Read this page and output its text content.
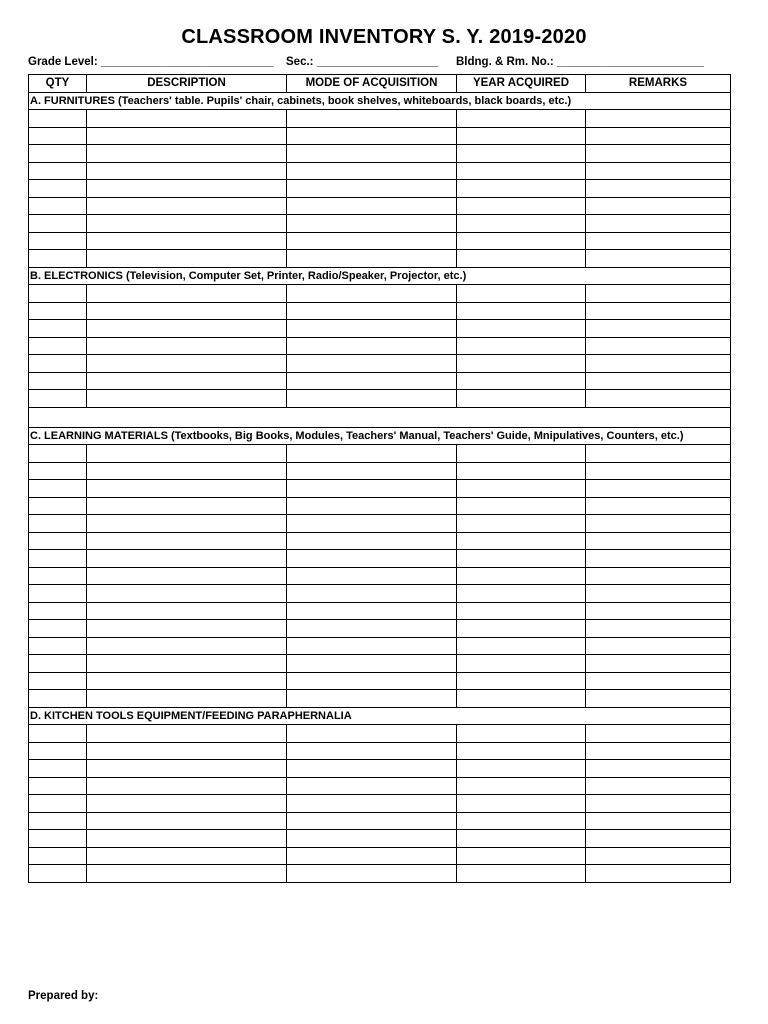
CLASSROOM INVENTORY S. Y. 2019-2020
Grade Level: ___________________________ Sec.: ___________________ Bldng. & Rm. No.: _______________________
QTY	DESCRIPTION	MODE OF ACQUISITION	YEAR ACQUIRED	REMARKS
A. FURNITURES (Teachers' table. Pupils' chair, cabinets, book shelves, whiteboards, black boards, etc.)				

B. ELECTRONICS (Television, Computer Set, Printer, Radio/Speaker, Projector, etc.)				

C. LEARNING MATERIALS (Textbooks, Big Books, Modules, Teachers' Manual, Teachers' Guide, Mnipulatives, Counters, etc.)				

D. KITCHEN TOOLS EQUIPMENT/FEEDING PARAPHERNALIA				

Prepared by:
